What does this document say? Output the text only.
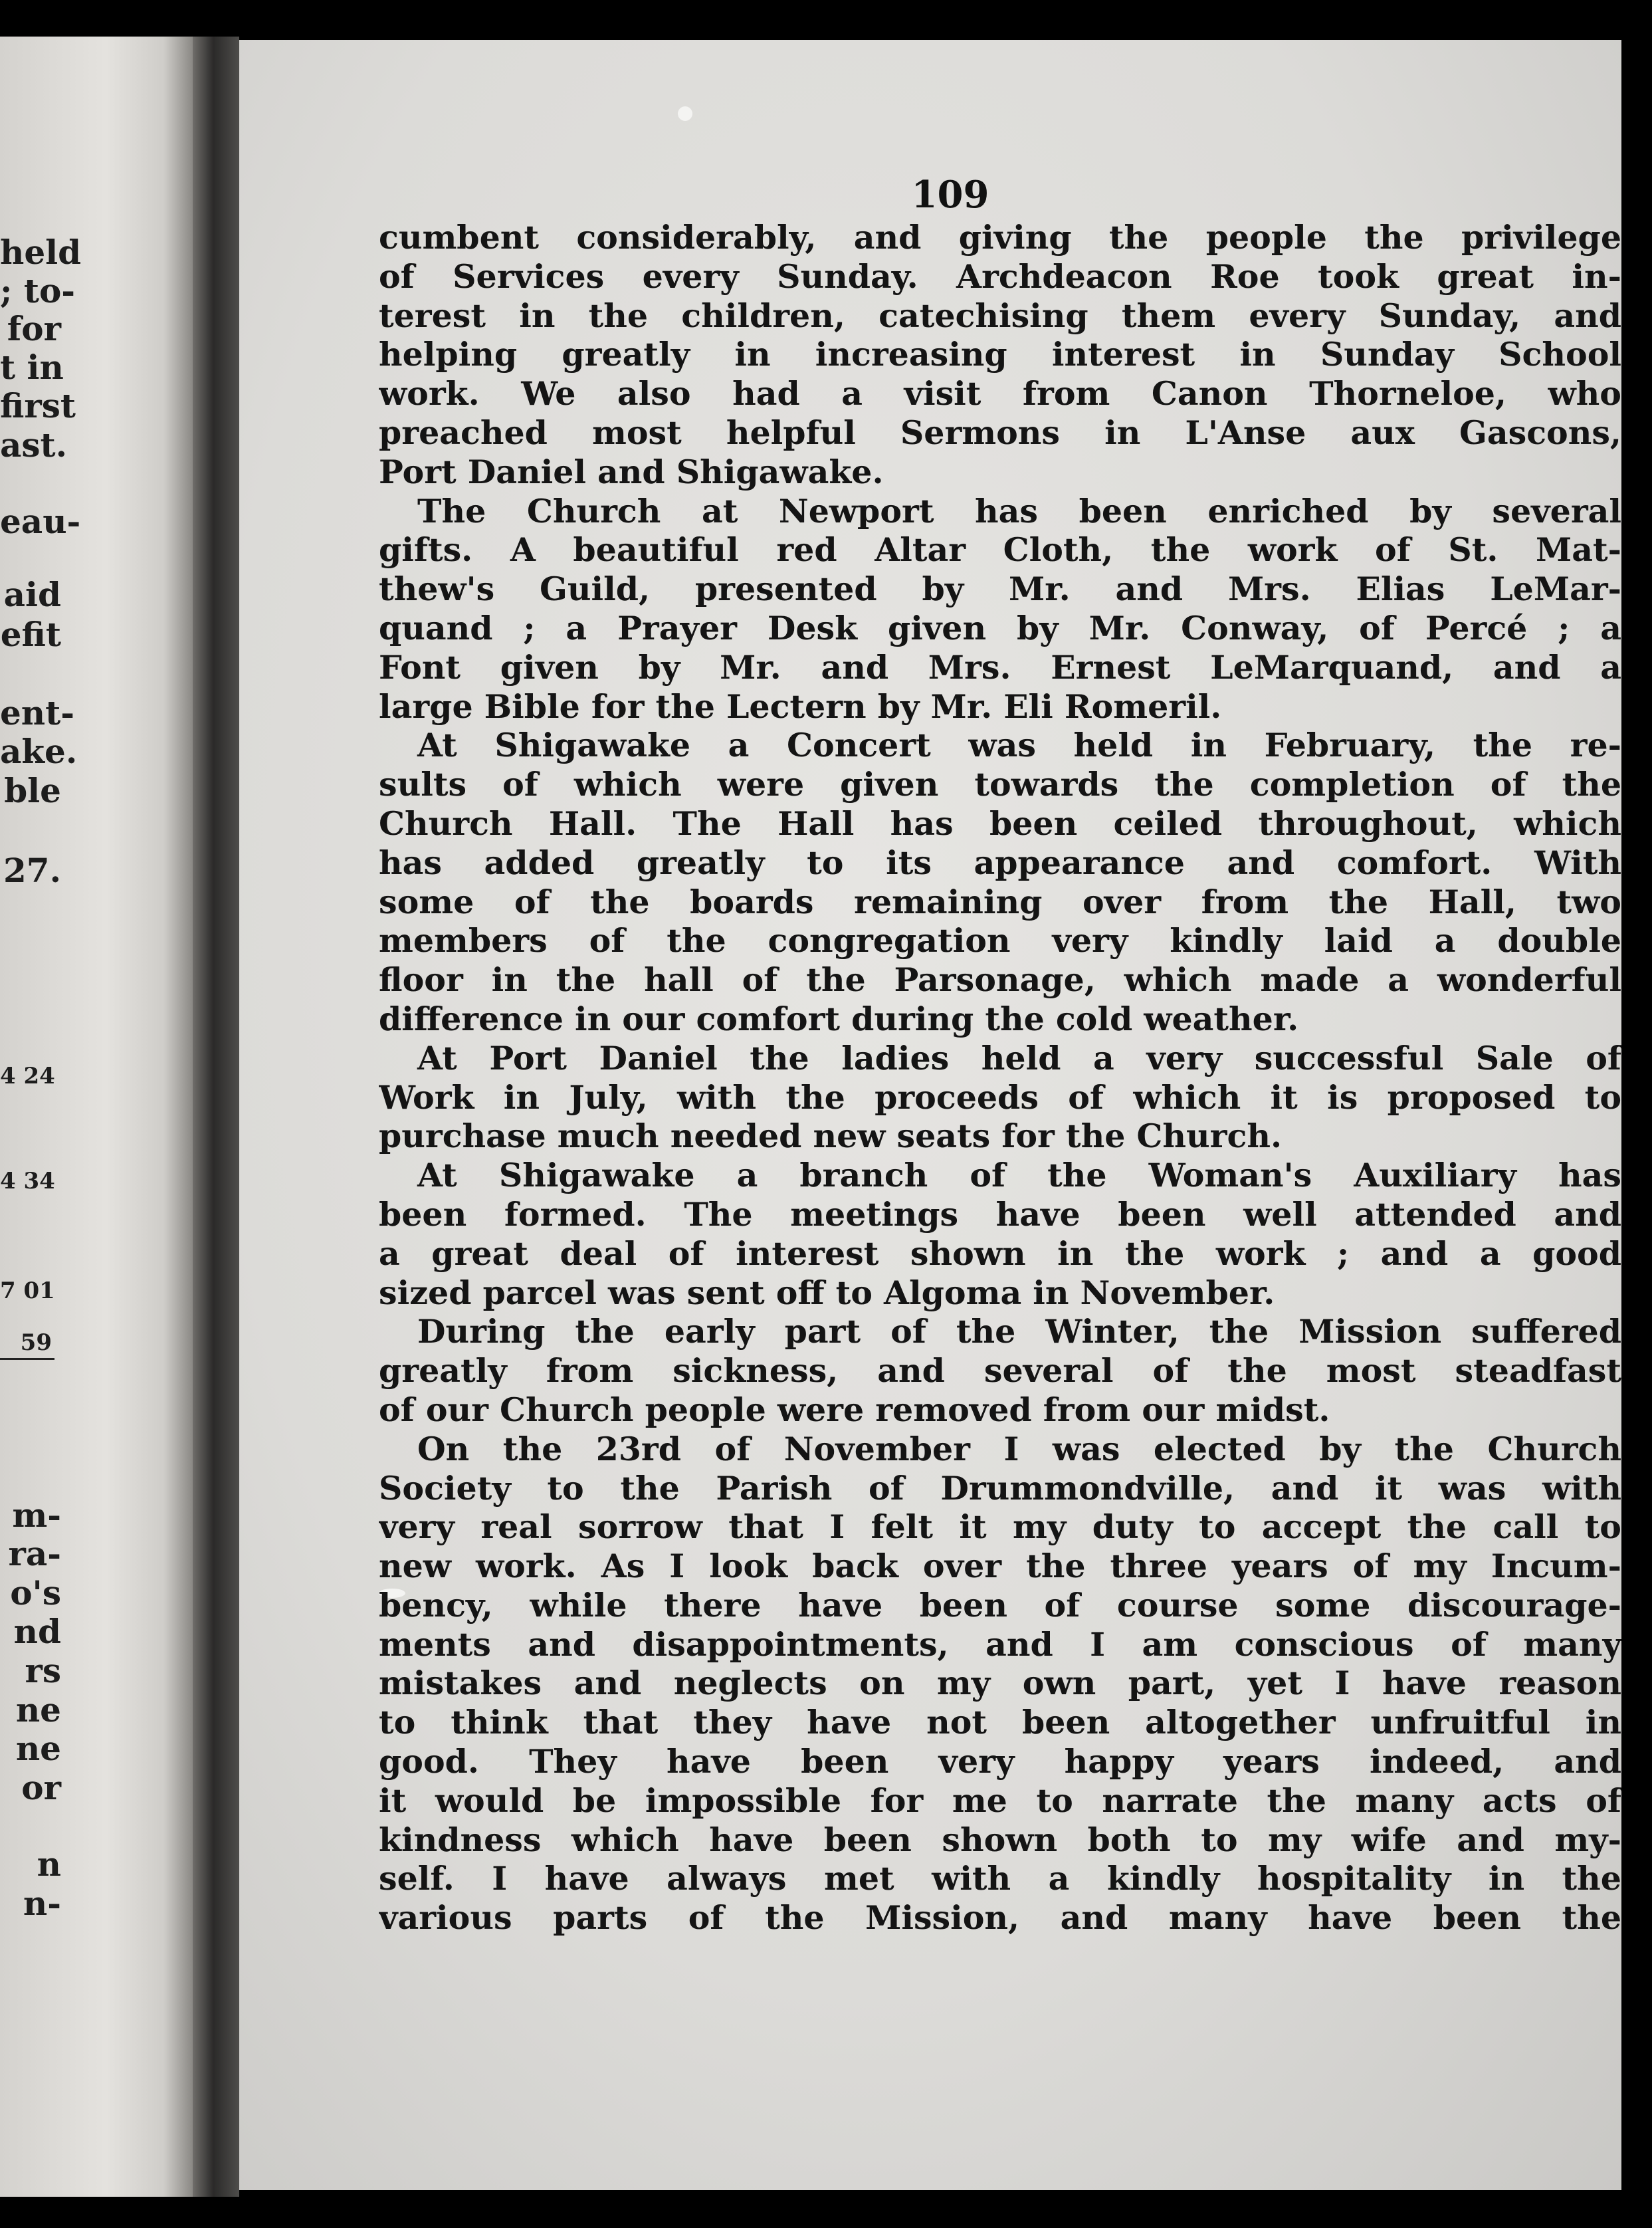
held
; to-
for
t in
first
ast.
eau-
aid
efit
ent-
ake.
ble
27.
m-
ra-
o's
nd
rs
ne
ne
or
n
n-
4 24
4 34
7 01
59
109
cumbent considerably, and giving the people the privilege
of Services every Sunday. Archdeacon Roe took great in-
terest in the children, catechising them every Sunday, and
helping greatly in increasing interest in Sunday School
work. We also had a visit from Canon Thorneloe, who
preached most helpful Sermons in L'Anse aux Gascons,
Port Daniel and Shigawake.
The Church at Newport has been enriched by several
gifts. A beautiful red Altar Cloth, the work of St. Mat-
thew's Guild, presented by Mr. and Mrs. Elias LeMar-
quand ; a Prayer Desk given by Mr. Conway, of Percé ; a
Font given by Mr. and Mrs. Ernest LeMarquand, and a
large Bible for the Lectern by Mr. Eli Romeril.
At Shigawake a Concert was held in February, the re-
sults of which were given towards the completion of the
Church Hall. The Hall has been ceiled throughout, which
has added greatly to its appearance and comfort. With
some of the boards remaining over from the Hall, two
members of the congregation very kindly laid a double
floor in the hall of the Parsonage, which made a wonderful
difference in our comfort during the cold weather.
At Port Daniel the ladies held a very successful Sale of
Work in July, with the proceeds of which it is proposed to
purchase much needed new seats for the Church.
At Shigawake a branch of the Woman's Auxiliary has
been formed. The meetings have been well attended and
a great deal of interest shown in the work ; and a good
sized parcel was sent off to Algoma in November.
During the early part of the Winter, the Mission suffered
greatly from sickness, and several of the most steadfast
of our Church people were removed from our midst.
On the 23rd of November I was elected by the Church
Society to the Parish of Drummondville, and it was with
very real sorrow that I felt it my duty to accept the call to
new work. As I look back over the three years of my Incum-
bency, while there have been of course some discourage-
ments and disappointments, and I am conscious of many
mistakes and neglects on my own part, yet I have reason
to think that they have not been altogether unfruitful in
good. They have been very happy years indeed, and
it would be impossible for me to narrate the many acts of
kindness which have been shown both to my wife and my-
self. I have always met with a kindly hospitality in the
various parts of the Mission, and many have been the
